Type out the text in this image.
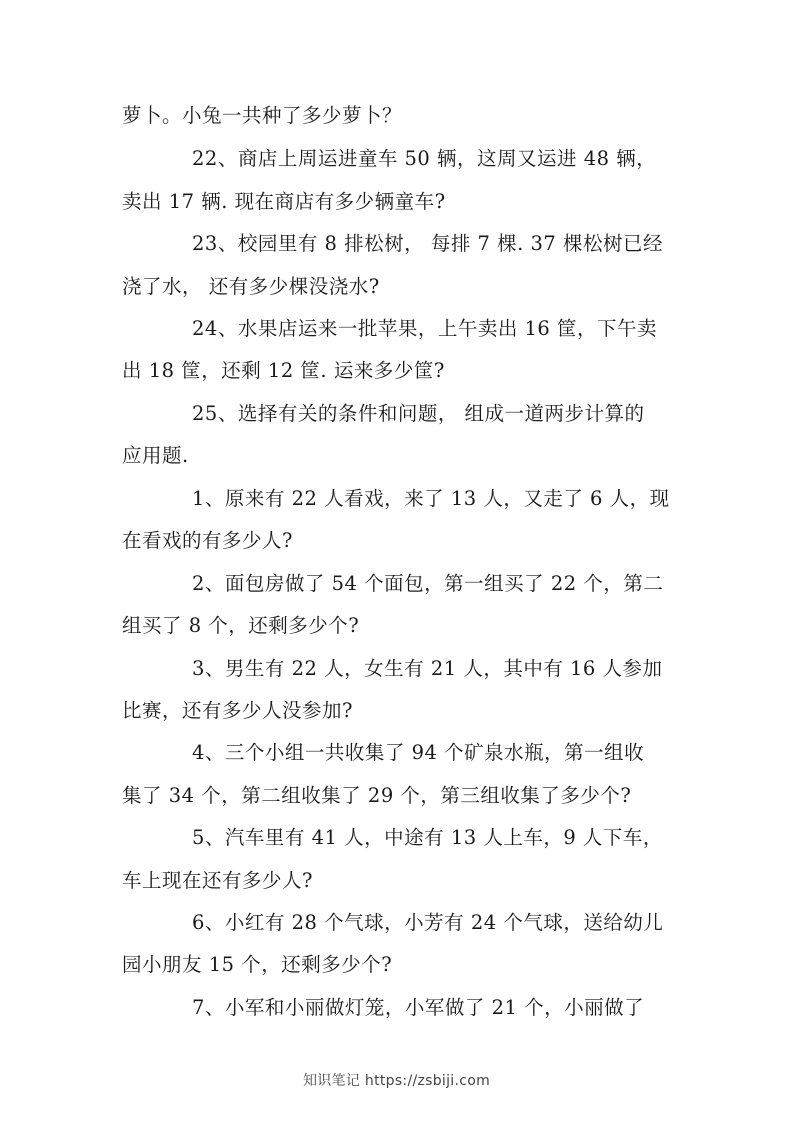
萝卜。小兔一共种了多少萝卜？
22、商店上周运进童车 50 辆，这周又运进 48 辆，
卖出 17 辆. 现在商店有多少辆童车?
23、校园里有 8 排松树， 每排 7 棵. 37 棵松树已经
浇了水， 还有多少棵没浇水?
24、水果店运来一批苹果，上午卖出 16 筐，下午卖
出 18 筐，还剩 12 筐. 运来多少筐?
25、选择有关的条件和问题， 组成一道两步计算的
应用题.
1、原来有 22 人看戏，来了 13 人，又走了 6 人，现
在看戏的有多少人?
2、面包房做了 54 个面包，第一组买了 22 个，第二
组买了 8 个，还剩多少个?
3、男生有 22 人，女生有 21 人，其中有 16 人参加
比赛，还有多少人没参加?
4、三个小组一共收集了 94 个矿泉水瓶，第一组收
集了 34 个，第二组收集了 29 个，第三组收集了多少个?
5、汽车里有 41 人，中途有 13 人上车，9 人下车，
车上现在还有多少人?
6、小红有 28 个气球，小芳有 24 个气球，送给幼儿
园小朋友 15 个，还剩多少个?
7、小军和小丽做灯笼，小军做了 21 个，小丽做了
知识笔记 https://zsbiji.com
